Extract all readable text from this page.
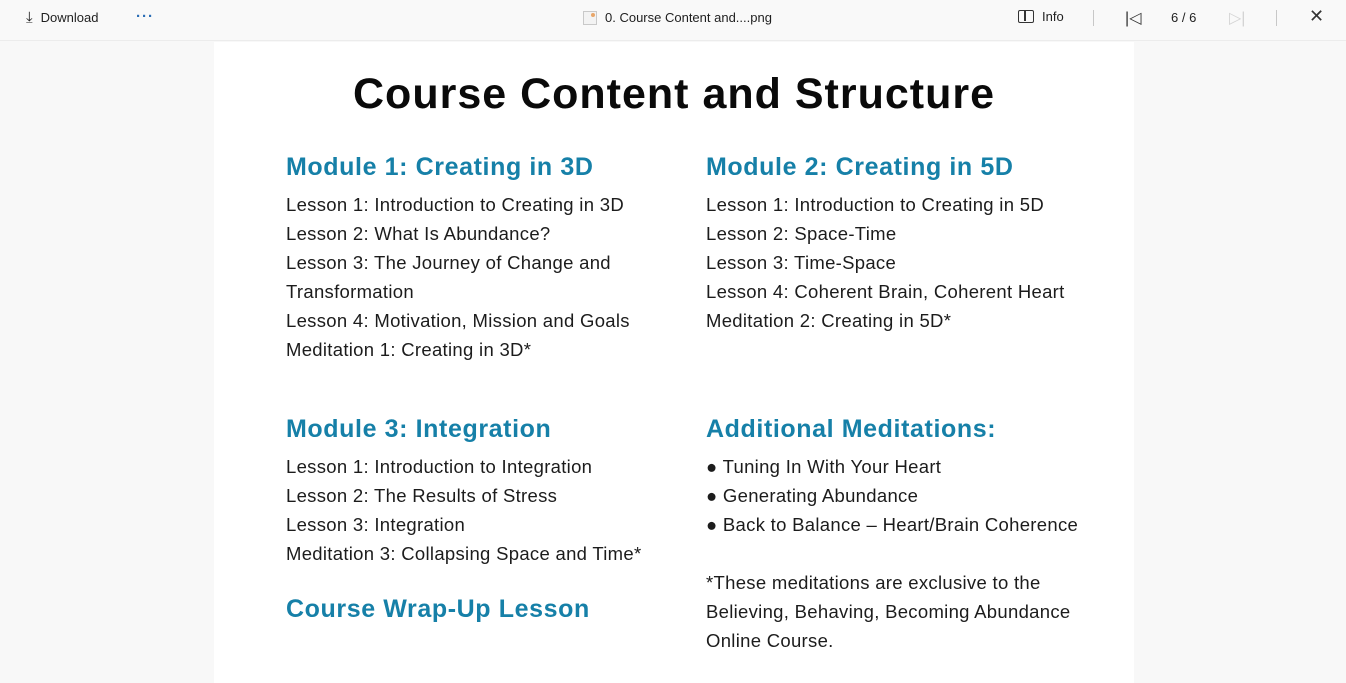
⤓ Download	···	0. Course Content and....png	Info	|◁ 6 / 6 ▷|	✕
Course Content and Structure
Module 1: Creating in 3D
Lesson 1: Introduction to Creating in 3D
Lesson 2: What Is Abundance?
Lesson 3: The Journey of Change and
Transformation
Lesson 4: Motivation, Mission and Goals
Meditation 1: Creating in 3D*
Module 2: Creating in 5D
Lesson 1: Introduction to Creating in 5D
Lesson 2: Space-Time
Lesson 3: Time-Space
Lesson 4: Coherent Brain, Coherent Heart
Meditation 2: Creating in 5D*
Module 3: Integration
Lesson 1: Introduction to Integration
Lesson 2: The Results of Stress
Lesson 3: Integration
Meditation 3: Collapsing Space and Time*
Course Wrap-Up Lesson
Additional Meditations:
● Tuning In With Your Heart
● Generating Abundance
● Back to Balance – Heart/Brain Coherence
*These meditations are exclusive to the
Believing, Behaving, Becoming Abundance
Online Course.
